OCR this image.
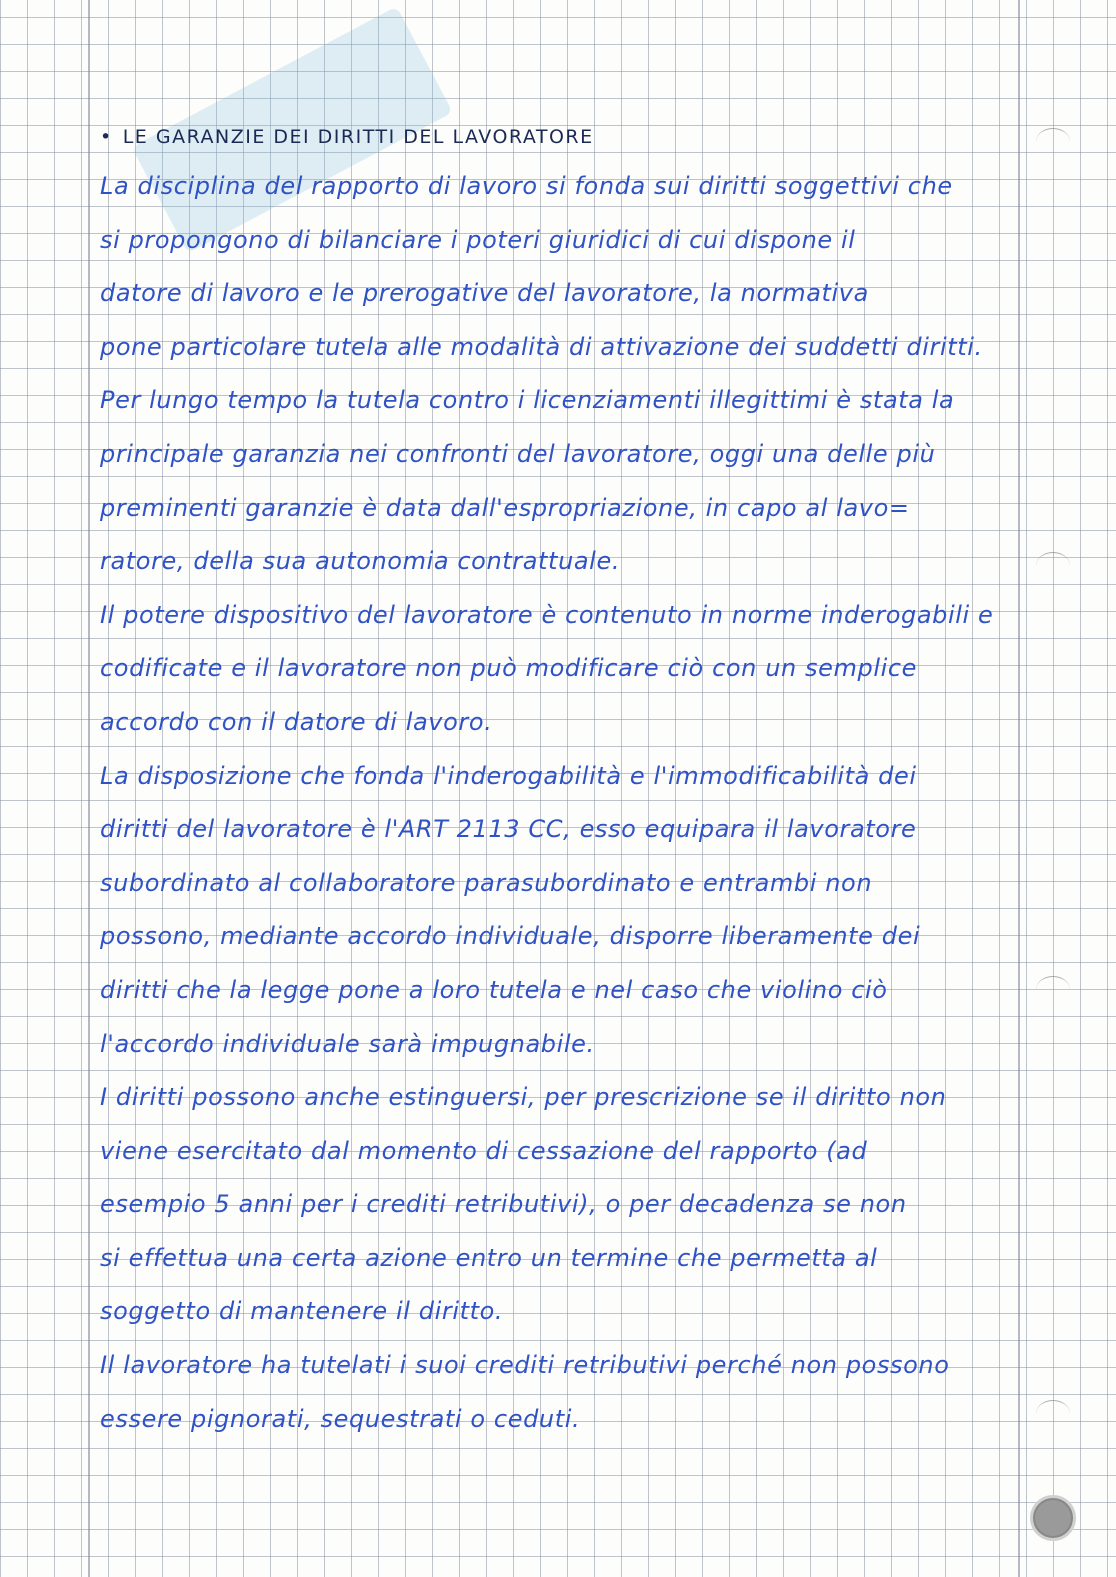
• LE GARANZIE DEI DIRITTI DEL LAVORATORE
La disciplina del rapporto di lavoro si fonda sui diritti soggettivi che
si propongono di bilanciare i poteri giuridici di cui dispone il
datore di lavoro e le prerogative del lavoratore, la normativa
pone particolare tutela alle modalità di attivazione dei suddetti diritti.
Per lungo tempo la tutela contro i licenziamenti illegittimi è stata la
principale garanzia nei confronti del lavoratore, oggi una delle più
preminenti garanzie è data dall'espropriazione, in capo al lavo=
ratore, della sua autonomia contrattuale.
Il potere dispositivo del lavoratore è contenuto in norme inderogabili e
codificate e il lavoratore non può modificare ciò con un semplice
accordo con il datore di lavoro.
La disposizione che fonda l'inderogabilità e l'immodificabilità dei
diritti del lavoratore è l'ART 2113 CC, esso equipara il lavoratore
subordinato al collaboratore parasubordinato e entrambi non
possono, mediante accordo individuale, disporre liberamente dei
diritti che la legge pone a loro tutela e nel caso che violino ciò
l'accordo individuale sarà impugnabile.
I diritti possono anche estinguersi, per prescrizione se il diritto non
viene esercitato dal momento di cessazione del rapporto (ad
esempio 5 anni per i crediti retributivi), o per decadenza se non
si effettua una certa azione entro un termine che permetta al
soggetto di mantenere il diritto.
Il lavoratore ha tutelati i suoi crediti retributivi perché non possono
essere pignorati, sequestrati o ceduti.
